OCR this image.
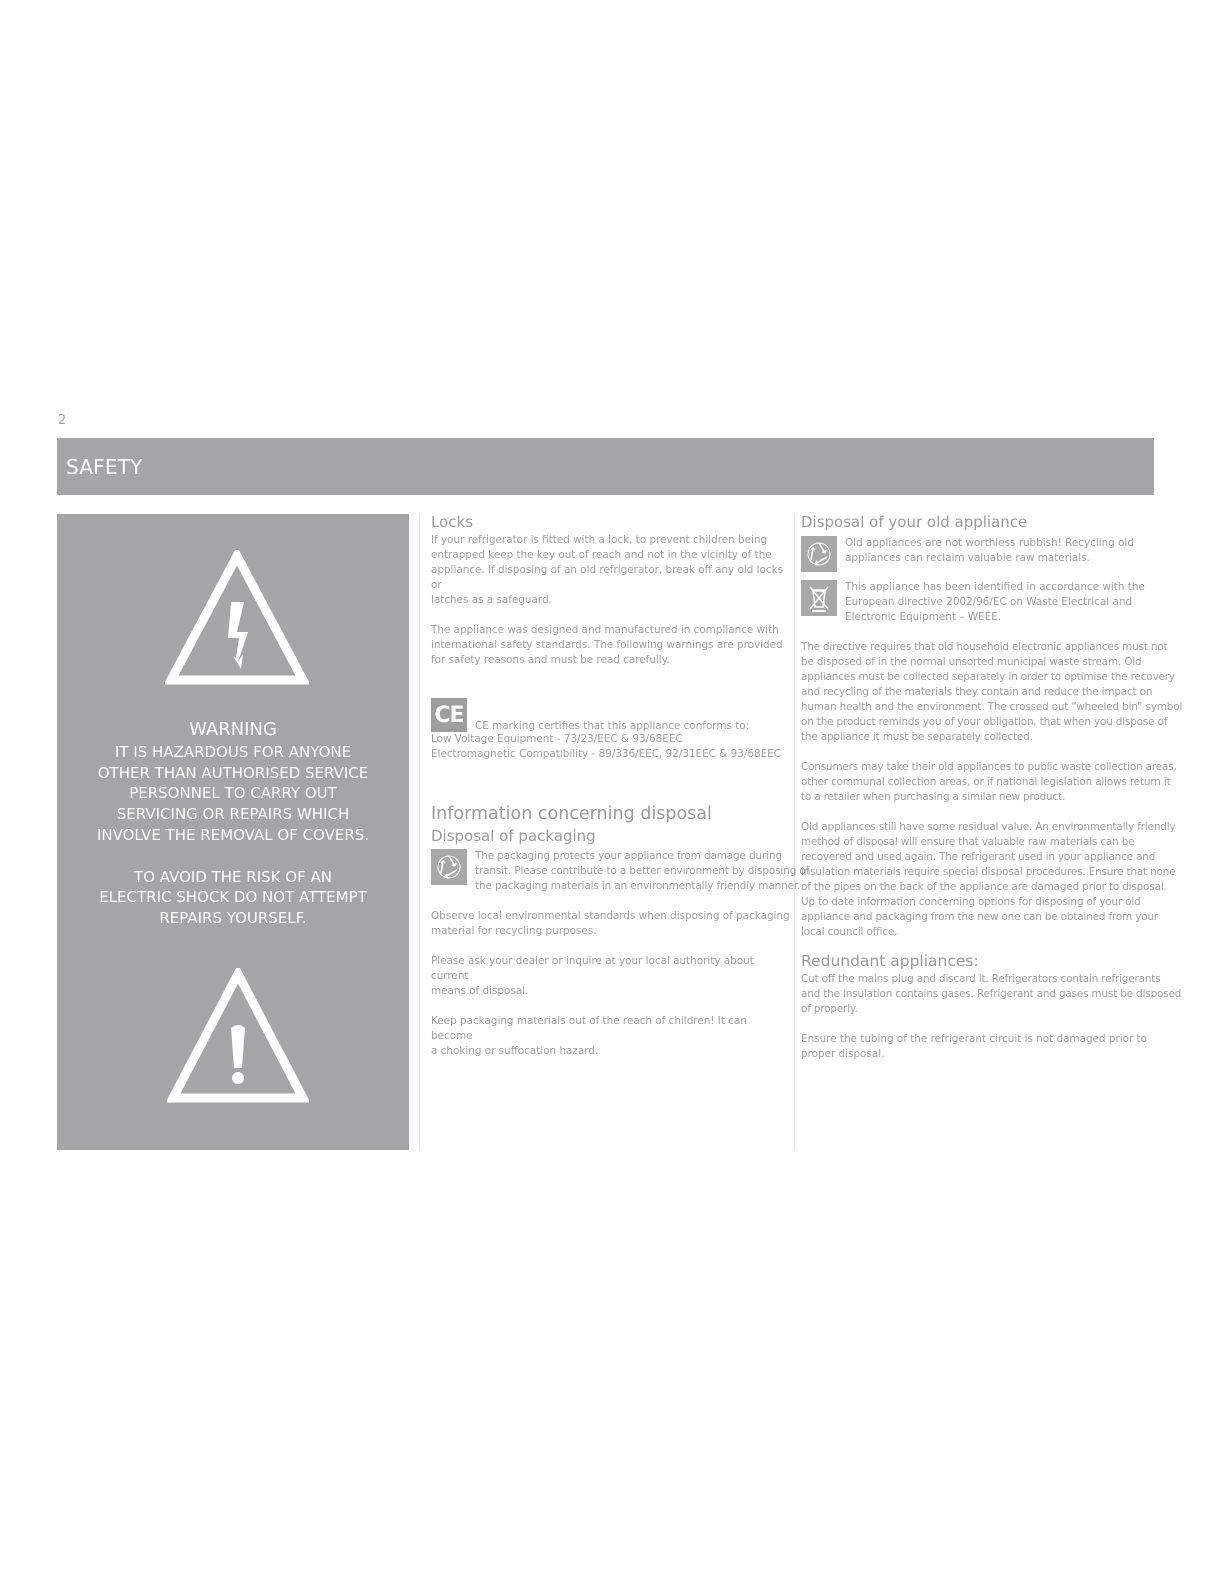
2
SAFETY
WARNING
IT IS HAZARDOUS FOR ANYONE
OTHER THAN AUTHORISED SERVICE
PERSONNEL TO CARRY OUT
SERVICING OR REPAIRS WHICH
INVOLVE THE REMOVAL OF COVERS.
TO AVOID THE RISK OF AN
ELECTRIC SHOCK DO NOT ATTEMPT
REPAIRS YOURSELF.
Locks

If your refrigerator is fitted with a lock, to prevent children being
entrapped keep the key out of reach and not in the vicinity of the
appliance. If disposing of an old refrigerator, break off any old locks or
latches as a safeguard.

The appliance was designed and manufactured in compliance with
international safety standards. The following warnings are provided
for safety reasons and must be read carefully.

CE CE marking certifies that this appliance conforms to:

Low Voltage Equipment - 73/23/EEC & 93/68EEC

Electromagnetic Compatibility - 89/336/EEC, 92/31EEC & 93/68EEC

Information concerning disposal
Disposal of packaging
The packaging protects your appliance from damage during
transit. Please contribute to a better environment by disposing of
the packaging materials in an environmentally friendly manner.

Observe local environmental standards when disposing of packaging
material for recycling purposes.

Please ask your dealer or inquire at your local authority about current
means of disposal.

Keep packaging materials out of the reach of children! It can become
a choking or suffocation hazard.

Disposal of your old appliance
Old appliances are not worthless rubbish! Recycling old
appliances can reclaim valuable raw materials.
This appliance has been identified in accordance with the
European directive 2002/96/EC on Waste Electrical and
Electronic Equipment – WEEE.

The directive requires that old household electronic appliances must not
be disposed of in the normal unsorted municipal waste stream. Old
appliances must be collected separately in order to optimise the recovery
and recycling of the materials they contain and reduce the impact on
human health and the environment. The crossed out “wheeled bin” symbol
on the product reminds you of your obligation, that when you dispose of
the appliance it must be separately collected.

Consumers may take their old appliances to public waste collection areas,
other communal collection areas, or if national legislation allows return it
to a retailer when purchasing a similar new product.

Old appliances still have some residual value. An environmentally friendly
method of disposal will ensure that valuable raw materials can be
recovered and used again. The refrigerant used in your appliance and
insulation materials require special disposal procedures. Ensure that none
of the pipes on the back of the appliance are damaged prior to disposal.
Up to date information concerning options for disposing of your old
appliance and packaging from the new one can be obtained from your
local council office.

Redundant appliances:

Cut off the mains plug and discard it. Refrigerators contain refrigerants
and the insulation contains gases. Refrigerant and gases must be disposed
of properly.

Ensure the tubing of the refrigerant circuit is not damaged prior to
proper disposal.
